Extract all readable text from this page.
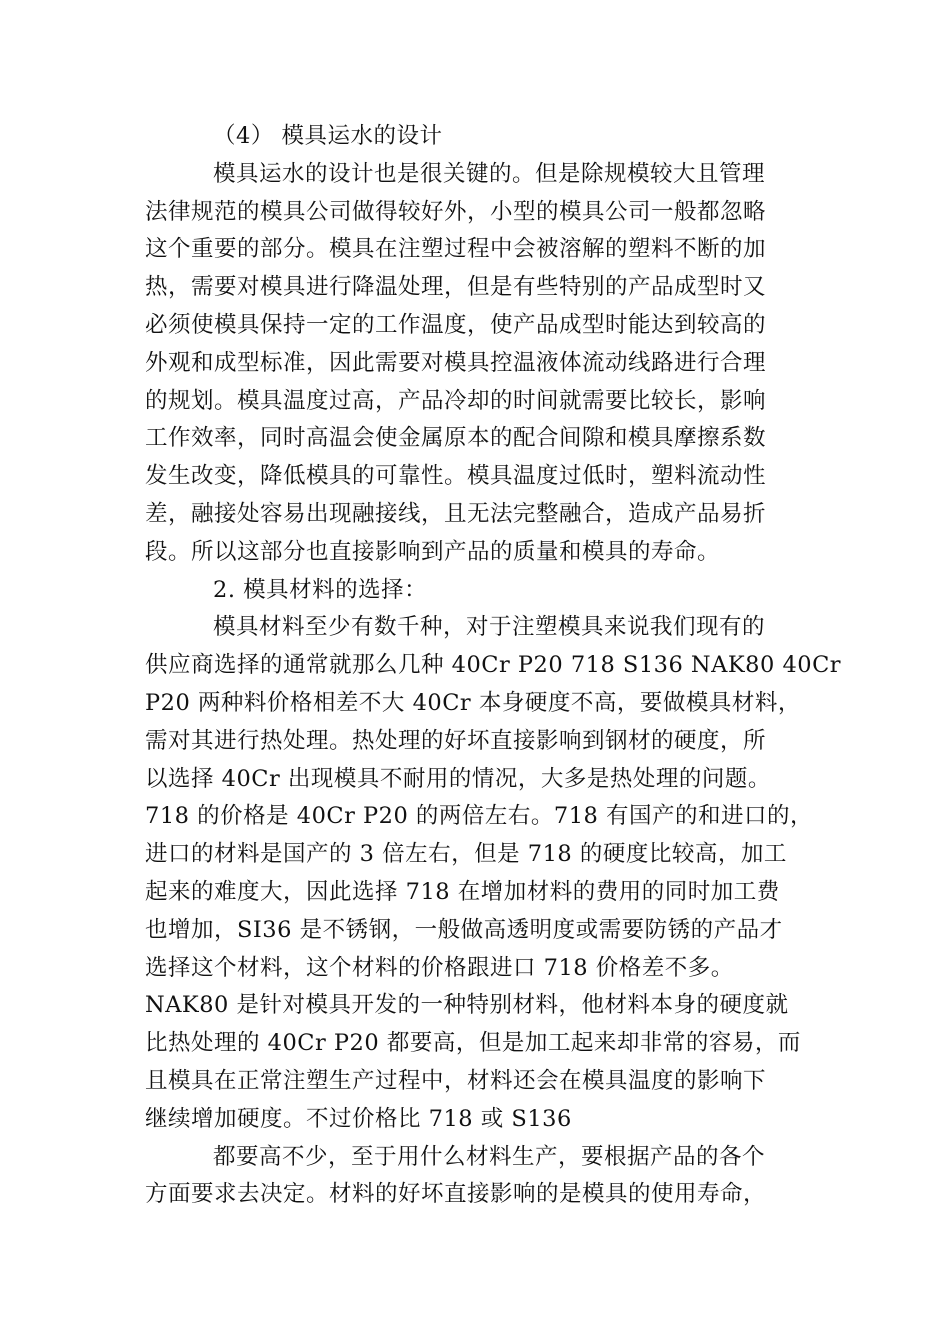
（4） 模具运水的设计
模具运水的设计也是很关键的。但是除规模较大且管理
法律规范的模具公司做得较好外，小型的模具公司一般都忽略
这个重要的部分。模具在注塑过程中会被溶解的塑料不断的加
热，需要对模具进行降温处理，但是有些特别的产品成型时又
必须使模具保持一定的工作温度，使产品成型时能达到较高的
外观和成型标准，因此需要对模具控温液体流动线路进行合理
的规划。模具温度过高，产品冷却的时间就需要比较长，影响
工作效率，同时高温会使金属原本的配合间隙和模具摩擦系数
发生改变，降低模具的可靠性。模具温度过低时，塑料流动性
差，融接处容易出现融接线，且无法完整融合，造成产品易折
段。所以这部分也直接影响到产品的质量和模具的寿命。
2. 模具材料的选择：
模具材料至少有数千种，对于注塑模具来说我们现有的
供应商选择的通常就那么几种 40Cr P20 718 S136 NAK80 40Cr
P20 两种料价格相差不大 40Cr 本身硬度不高，要做模具材料，
需对其进行热处理。热处理的好坏直接影响到钢材的硬度，所
以选择 40Cr 出现模具不耐用的情况，大多是热处理的问题。
718 的价格是 40Cr P20 的两倍左右。718 有国产的和进口的，
进口的材料是国产的 3 倍左右，但是 718 的硬度比较高，加工
起来的难度大，因此选择 718 在增加材料的费用的同时加工费
也增加，SI36 是不锈钢，一般做高透明度或需要防锈的产品才
选择这个材料，这个材料的价格跟进口 718 价格差不多。
NAK80 是针对模具开发的一种特别材料，他材料本身的硬度就
比热处理的 40Cr P20 都要高，但是加工起来却非常的容易，而
且模具在正常注塑生产过程中，材料还会在模具温度的影响下
继续增加硬度。不过价格比 718 或 S136
都要高不少，至于用什么材料生产，要根据产品的各个
方面要求去决定。材料的好坏直接影响的是模具的使用寿命，
